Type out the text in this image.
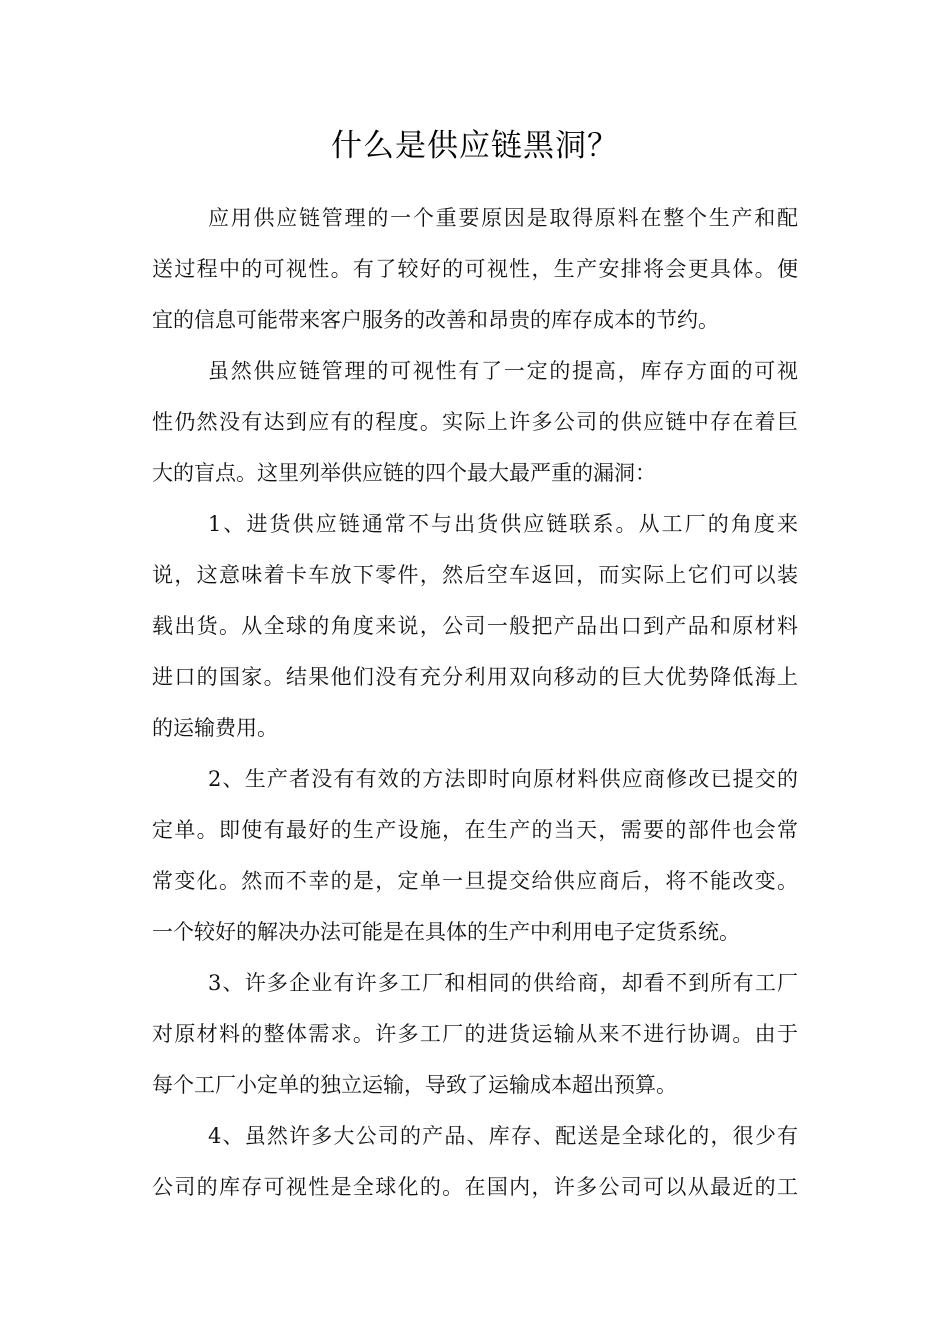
什么是供应链黑洞？
应用供应链管理的一个重要原因是取得原料在整个生产和配
送过程中的可视性。有了较好的可视性，生产安排将会更具体。便
宜的信息可能带来客户服务的改善和昂贵的库存成本的节约。
虽然供应链管理的可视性有了一定的提高，库存方面的可视
性仍然没有达到应有的程度。实际上许多公司的供应链中存在着巨
大的盲点。这里列举供应链的四个最大最严重的漏洞：
1、进货供应链通常不与出货供应链联系。从工厂的角度来
说，这意味着卡车放下零件，然后空车返回，而实际上它们可以装
载出货。从全球的角度来说，公司一般把产品出口到产品和原材料
进口的国家。结果他们没有充分利用双向移动的巨大优势降低海上
的运输费用。
2、生产者没有有效的方法即时向原材料供应商修改已提交的
定单。即使有最好的生产设施，在生产的当天，需要的部件也会常
常变化。然而不幸的是，定单一旦提交给供应商后，将不能改变。
一个较好的解决办法可能是在具体的生产中利用电子定货系统。
3、许多企业有许多工厂和相同的供给商，却看不到所有工厂
对原材料的整体需求。许多工厂的进货运输从来不进行协调。由于
每个工厂小定单的独立运输，导致了运输成本超出预算。
4、虽然许多大公司的产品、库存、配送是全球化的，很少有
公司的库存可视性是全球化的。在国内，许多公司可以从最近的工
